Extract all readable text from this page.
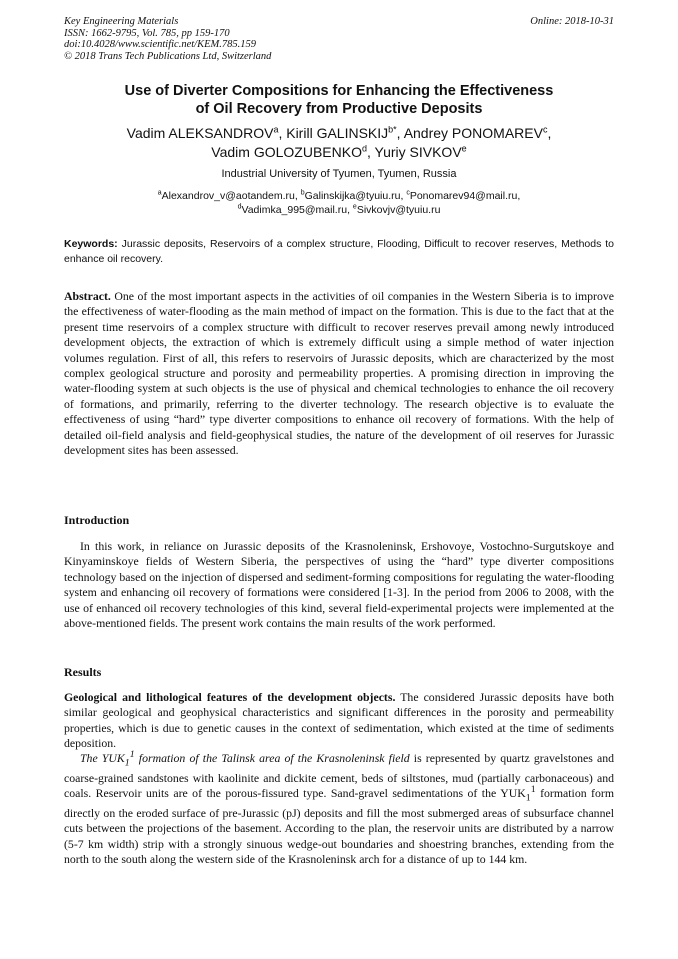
Key Engineering Materials
ISSN: 1662-9795, Vol. 785, pp 159-170
doi:10.4028/www.scientific.net/KEM.785.159
© 2018 Trans Tech Publications Ltd, Switzerland
Online: 2018-10-31
Use of Diverter Compositions for Enhancing the Effectiveness
of Oil Recovery from Productive Deposits
Vadim ALEKSANDROV$^a$, Kirill $GALINSKIJ^{b*}$, Andrey PONOMAREV$^c$,
Vadim GOLOZUBENKO$^d$, Yuriy SIVKOV$^e$
Industrial University of Tyumen, Tyumen, Russia
$^a$Alexandrov_v@aotandem.ru, $^b$Galinskijka@tyuiu.ru, $^c$Ponomarev94@mail.ru,
$^d$Vadimka_995@mail.ru, $^e$Sivkovjv@tyuiu.ru
Keywords: Jurassic deposits, Reservoirs of a complex structure, Flooding, Difficult to recover reserves, Methods to enhance oil recovery.
Abstract. One of the most important aspects in the activities of oil companies in the Western Siberia is to improve the effectiveness of water-flooding as the main method of impact on the formation. This is due to the fact that at the present time reservoirs of a complex structure with difficult to recover reserves prevail among newly introduced development objects, the extraction of which is extremely difficult using a simple method of water injection volumes regulation. First of all, this refers to reservoirs of Jurassic deposits, which are characterized by the most complex geological structure and porosity and permeability properties. A promising direction in improving the water-flooding system at such objects is the use of physical and chemical technologies to enhance the oil recovery of formations, and primarily, referring to the diverter technology. The research objective is to evaluate the effectiveness of using “hard” type diverter compositions to enhance oil recovery of formations. With the help of detailed oil-field analysis and field-geophysical studies, the nature of the development of oil reserves for Jurassic development sites has been assessed.
Introduction

In this work, in reliance on Jurassic deposits of the Krasnoleninsk, Ershovoye, Vostochno-Surgutskoye and Kinyaminskoye fields of Western Siberia, the perspectives of using the “hard” type diverter compositions technology based on the injection of dispersed and sediment-forming compositions for regulating the water-flooding system and enhancing oil recovery of formations were considered [1-3]. In the period from 2006 to 2008, with the use of enhanced oil recovery technologies of this kind, several field-experimental projects were implemented at the above-mentioned fields. The present work contains the main results of the work performed.

Results
Geological and lithological features of the development objects. The considered Jurassic deposits have both similar geological and geophysical characteristics and significant differences in the porosity and permeability properties, which is due to genetic causes in the context of sedimentation, which existed at the time of sediments deposition.

The $YUK_1^1$ formation of the Talinsk area of the Krasnoleninsk field is represented by quartz gravelstones and coarse-grained sandstones with kaolinite and dickite cement, beds of siltstones, mud (partially carbonaceous) and coals. Reservoir units are of the porous-fissured type. Sand-gravel sedimentations of the $YUK_1^1$ formation form directly on the eroded surface of pre-Jurassic (pJ) deposits and fill the most submerged areas of subsurface channel cuts between the projections of the basement. According to the plan, the reservoir units are distributed by a narrow (5-7 km width) strip with a strongly sinuous wedge-out boundaries and shoestring branches, extending from the north to the south along the western side of the Krasnoleninsk arch for a distance of up to 144 km.
